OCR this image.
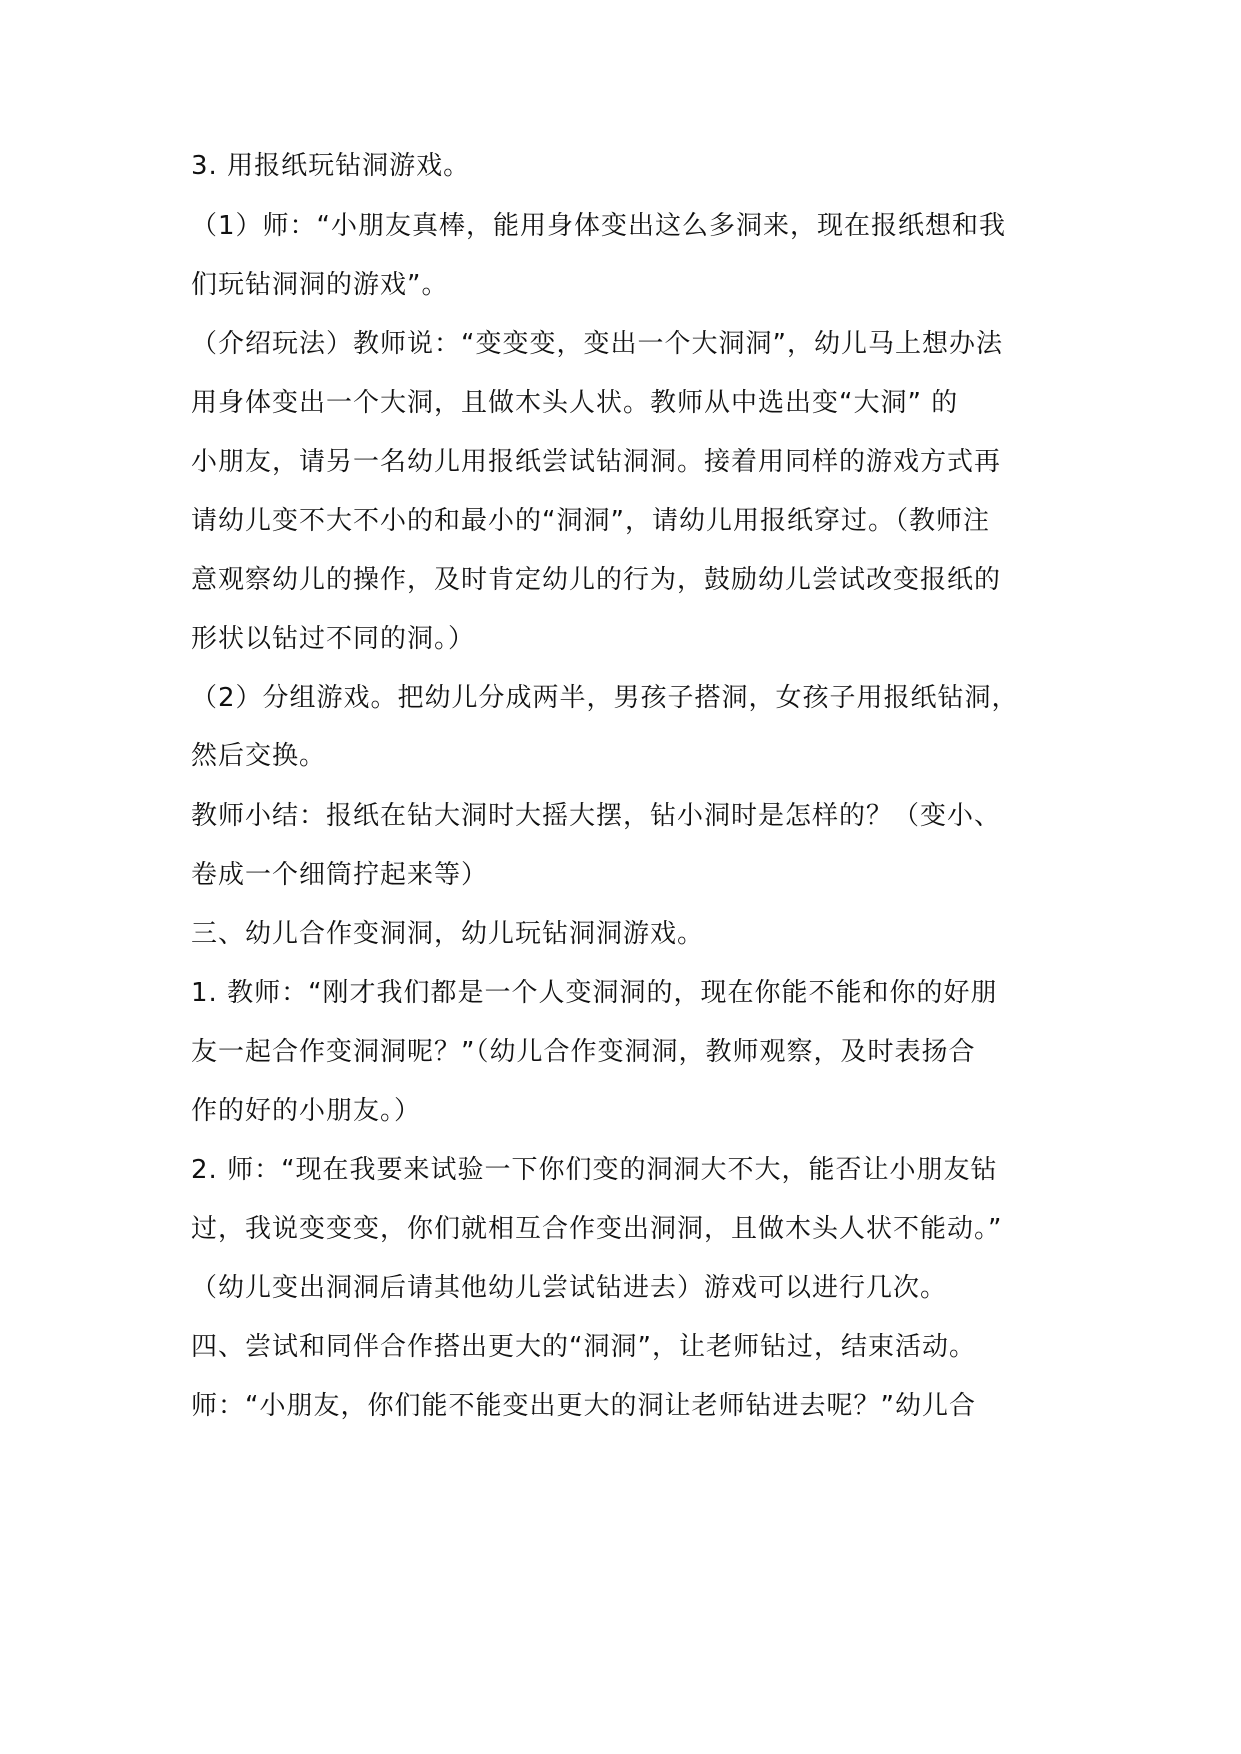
3. 用报纸玩钻洞游戏。
（1）师：“小朋友真棒，能用身体变出这么多洞来，现在报纸想和我
们玩钻洞洞的游戏”。
（介绍玩法）教师说：“变变变，变出一个大洞洞”，幼儿马上想办法
用身体变出一个大洞，且做木头人状。教师从中选出变“大洞” 的
小朋友，请另一名幼儿用报纸尝试钻洞洞。接着用同样的游戏方式再
请幼儿变不大不小的和最小的“洞洞”，请幼儿用报纸穿过。（教师注
意观察幼儿的操作，及时肯定幼儿的行为，鼓励幼儿尝试改变报纸的
形状以钻过不同的洞。）
（2）分组游戏。把幼儿分成两半，男孩子搭洞，女孩子用报纸钻洞，
然后交换。
教师小结：报纸在钻大洞时大摇大摆，钻小洞时是怎样的？（变小、
卷成一个细筒拧起来等）
三、幼儿合作变洞洞，幼儿玩钻洞洞游戏。
1. 教师：“刚才我们都是一个人变洞洞的，现在你能不能和你的好朋
友一起合作变洞洞呢？”（幼儿合作变洞洞，教师观察，及时表扬合
作的好的小朋友。）
2. 师：“现在我要来试验一下你们变的洞洞大不大，能否让小朋友钻
过，我说变变变，你们就相互合作变出洞洞，且做木头人状不能动。”
（幼儿变出洞洞后请其他幼儿尝试钻进去）游戏可以进行几次。
四、尝试和同伴合作搭出更大的“洞洞”，让老师钻过，结束活动。
师：“小朋友，你们能不能变出更大的洞让老师钻进去呢？”幼儿合
